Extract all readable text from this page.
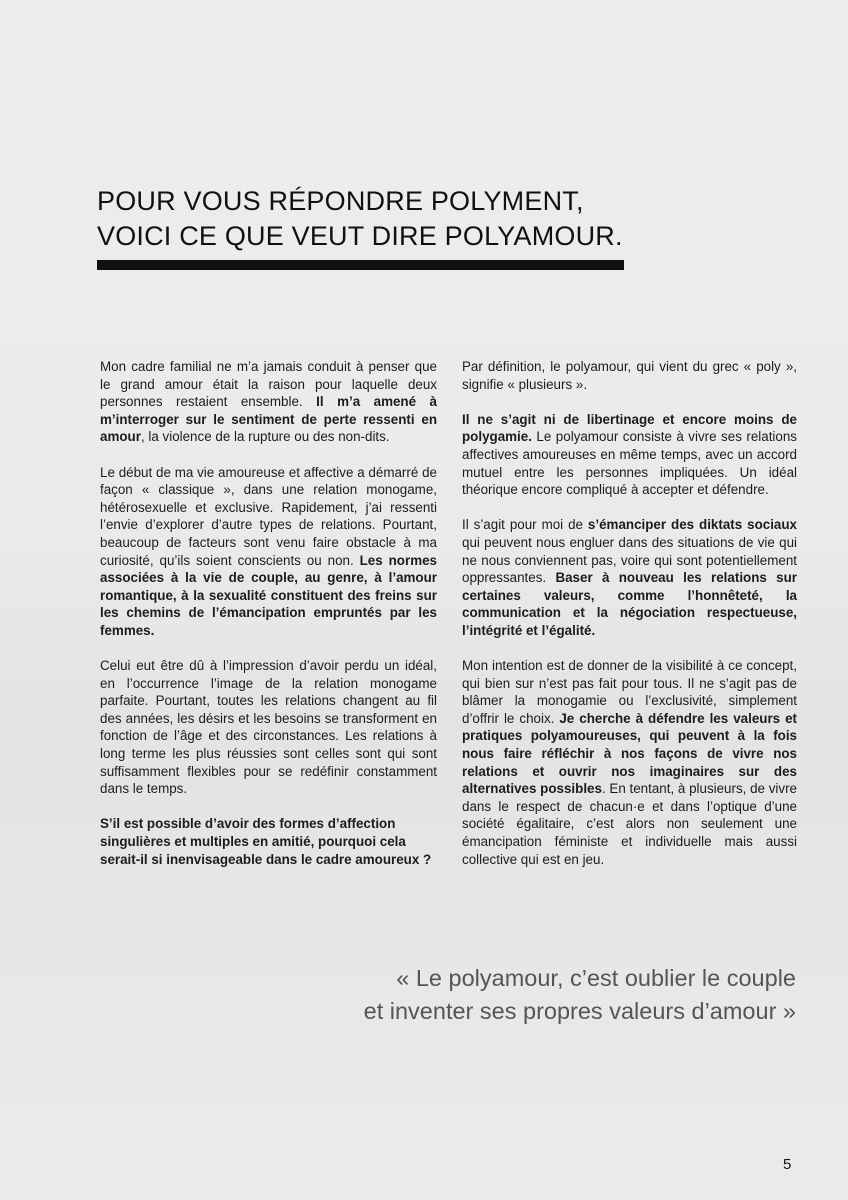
POUR VOUS RÉPONDRE POLYMENT,
VOICI CE QUE VEUT DIRE POLYAMOUR.

Mon cadre familial ne m’a jamais conduit à penser que le grand amour était la raison pour laquelle deux personnes restaient ensemble. Il m’a amené à m’interroger sur le sentiment de perte ressenti en amour, la violence de la rupture ou des non-dits.

Le début de ma vie amoureuse et affective a démarré de façon « classique », dans une relation monogame, hétérosexuelle et exclusive. Rapidement, j’ai ressenti l’envie d’explorer d’autre types de relations. Pourtant, beaucoup de facteurs sont venu faire obstacle à ma curiosité, qu’ils soient conscients ou non. Les normes associées à la vie de couple, au genre, à l’amour romantique, à la sexualité constituent des freins sur les chemins de l’émancipation empruntés par les femmes.

Celui eut être dû à l’impression d’avoir perdu un idéal, en l’occurrence l’image de la relation monogame parfaite. Pourtant, toutes les relations changent au fil des années, les désirs et les besoins se transforment en fonction de l’âge et des circonstances. Les relations à long terme les plus réussies sont celles sont qui sont suffisamment flexibles pour se redéfinir constamment dans le temps.

S’il est possible d’avoir des formes d’affection singulières et multiples en amitié, pourquoi cela serait-il si inenvisageable dans le cadre amoureux ?

Par définition, le polyamour, qui vient du grec « poly », signifie « plusieurs ».

Il ne s’agit ni de libertinage et encore moins de polygamie. Le polyamour consiste à vivre ses relations affectives amoureuses en même temps, avec un accord mutuel entre les personnes impliquées. Un idéal théorique encore compliqué à accepter et défendre.

Il s’agit pour moi de s’émanciper des diktats sociaux qui peuvent nous engluer dans des situations de vie qui ne nous conviennent pas, voire qui sont potentiellement oppressantes. Baser à nouveau les relations sur certaines valeurs, comme l’honnêteté, la communication et la négociation respectueuse, l’intégrité et l’égalité.

Mon intention est de donner de la visibilité à ce concept, qui bien sur n’est pas fait pour tous. Il ne s’agit pas de blâmer la monogamie ou l’exclusivité, simplement d’offrir le choix. Je cherche à défendre les valeurs et pratiques polyamoureuses, qui peuvent à la fois nous faire réfléchir à nos façons de vivre nos relations et ouvrir nos imaginaires sur des alternatives possibles. En tentant, à plusieurs, de vivre dans le respect de chacun·e et dans l’optique d’une société égalitaire, c’est alors non seulement une émancipation féministe et individuelle mais aussi collective qui est en jeu.

« Le polyamour, c’est oublier le couple
et inventer ses propres valeurs d’amour »
5
